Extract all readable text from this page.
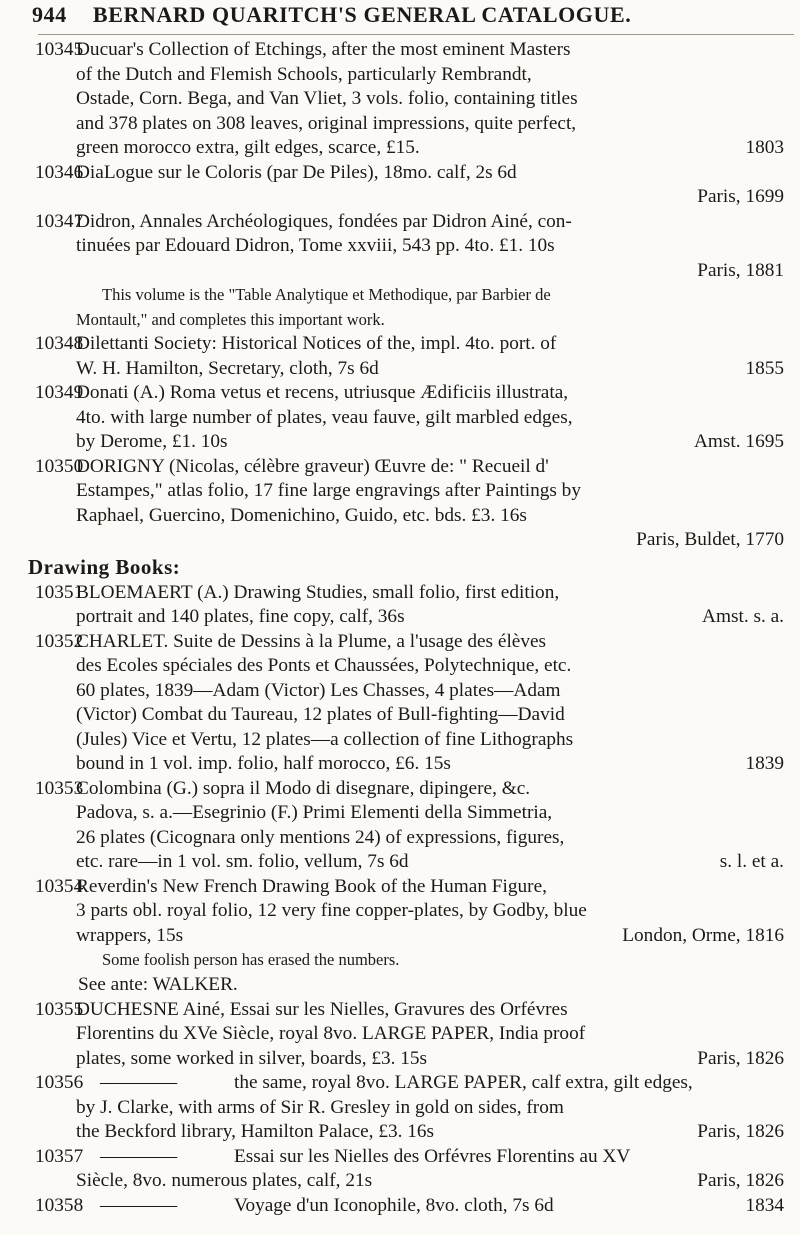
944 BERNARD QUARITCH'S GENERAL CATALOGUE.
10345
Ducuar's Collection of Etchings, after the most eminent Masters
of the Dutch and Flemish Schools, particularly Rembrandt,
Ostade, Corn. Bega, and Van Vliet, 3 vols. folio, containing titles
and 378 plates on 308 leaves, original impressions, quite perfect,
green morocco extra, gilt edges, scarce, £15.	1803
10346
DiaLogue sur le Coloris (par De Piles), 18mo. calf, 2s 6d
Paris, 1699
10347
Didron, Annales Archéologiques, fondées par Didron Ainé, con-
tinuées par Edouard Didron, Tome xxviii, 543 pp. 4to. £1. 10s
Paris, 1881
This volume is the "Table Analytique et Methodique, par Barbier de
Montault," and completes this important work.
10348
Dilettanti Society: Historical Notices of the, impl. 4to. port. of
W. H. Hamilton, Secretary, cloth, 7s 6d	1855
10349
Donati (A.) Roma vetus et recens, utriusque Ædificiis illustrata,
4to. with large number of plates, veau fauve, gilt marbled edges,
by Derome, £1. 10s	Amst. 1695
10350
DORIGNY (Nicolas, célèbre graveur) Œuvre de: " Recueil d'
Estampes," atlas folio, 17 fine large engravings after Paintings by
Raphael, Guercino, Domenichino, Guido, etc. bds. £3. 16s
Paris, Buldet, 1770
Drawing Books:
10351
BLOEMAERT (A.) Drawing Studies, small folio, first edition,
portrait and 140 plates, fine copy, calf, 36s	Amst. s. a.
10352
CHARLET. Suite de Dessins à la Plume, a l'usage des élèves
des Ecoles spéciales des Ponts et Chaussées, Polytechnique, etc.
60 plates, 1839—Adam (Victor) Les Chasses, 4 plates—Adam
(Victor) Combat du Taureau, 12 plates of Bull-fighting—David
(Jules) Vice et Vertu, 12 plates—a collection of fine Lithographs
bound in 1 vol. imp. folio, half morocco, £6. 15s	1839
10353
Colombina (G.) sopra il Modo di disegnare, dipingere, &c.
Padova, s. a.—Esegrinio (F.) Primi Elementi della Simmetria,
26 plates (Cicognara only mentions 24) of expressions, figures,
etc. rare—in 1 vol. sm. folio, vellum, 7s 6d	s. l. et a.
10354
Reverdin's New French Drawing Book of the Human Figure,
3 parts obl. royal folio, 12 very fine copper-plates, by Godby, blue
wrappers, 15s	London, Orme, 1816
Some foolish person has erased the numbers.
See ante: WALKER.
10355
DUCHESNE Ainé, Essai sur les Nielles, Gravures des Orfévres
Florentins du XVe Siècle, royal 8vo. LARGE PAPER, India proof
plates, some worked in silver, boards, £3. 15s	Paris, 1826
10356 ————	the same, royal 8vo. LARGE PAPER, calf extra, gilt edges,
by J. Clarke, with arms of Sir R. Gresley in gold on sides, from
the Beckford library, Hamilton Palace, £3. 16s	Paris, 1826
10357 ————	Essai sur les Nielles des Orfévres Florentins au XV
Siècle, 8vo. numerous plates, calf, 21s	Paris, 1826
10358 ————	Voyage d'un Iconophile, 8vo. cloth, 7s 6d	1834
